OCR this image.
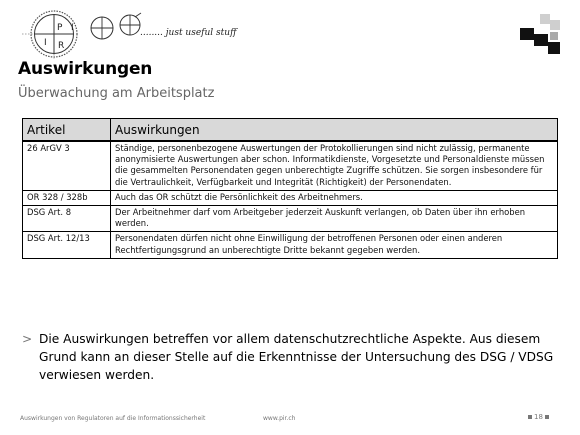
P
I
I
R
........ just useful stuff
Auswirkungen
Überwachung am Arbeitsplatz
Artikel	Auswirkungen
26 ArGV 3	Ständige, personenbezogene Auswertungen der Protokollierungen sind nicht zulässig, permanente anonymisierte Auswertungen aber schon. Informatikdienste, Vorgesetzte und Personaldienste müssen die gesammelten Personendaten gegen unberechtigte Zugriffe schützen. Sie sorgen insbesondere für die Vertraulichkeit, Verfügbarkeit und Integrität (Richtigkeit) der Personendaten.
OR 328 / 328b	Auch das OR schützt die Persönlichkeit des Arbeitnehmers.
DSG Art. 8	Der Arbeitnehmer darf vom Arbeitgeber jederzeit Auskunft verlangen, ob Daten über ihn erhoben werden.
DSG Art. 12/13	Personendaten dürfen nicht ohne Einwilligung der betroffenen Personen oder einen anderen Rechtfertigungsgrund an unberechtigte Dritte bekannt gegeben werden.
> Die Auswirkungen betreffen vor allem datenschutzrechtliche Aspekte. Aus diesem Grund kann an dieser Stelle auf die Erkenntnisse der Untersuchung des DSG / VDSG verwiesen werden.
Auswirkungen von Regulatoren auf die Informationssicherheit	www.pir.ch	18
